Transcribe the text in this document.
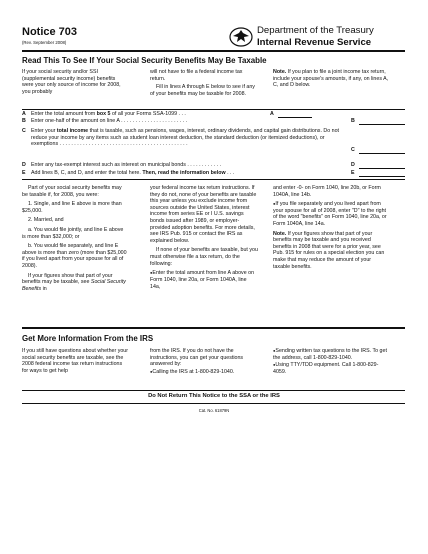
Notice 703
(Rev. September 2008)
Department of the Treasury
Internal Revenue Service
Read This To See If Your Social Security Benefits May Be Taxable

If your social security and/or SSI (supplemental security income) benefits were your only source of income for 2008, you probably

will not have to file a federal income tax return.

Fill in lines A through E below to see if any of your benefits may be taxable for 2008.

Note. If you plan to file a joint income tax return, include your spouse's amounts, if any, on lines A, C, and D below.

A Enter the total amount from box 5 of all your Forms SSA-1099 . . .	A
B Enter one-half of the amount on line A . . . . . . . . . . . . . . . . . . . . . . .	B
C Enter your total income that is taxable, such as pensions, wages, interest, ordinary dividends, and capital gain distributions. Do not reduce your income by any items such as student loan interest deduction, the standard deduction (or itemized deductions), or exemptions . . . . . . . . . . . . . . . . . . . . . . . . . . . . . . . . . . . . . . . . . . . .
C
D Enter any tax-exempt interest such as interest on municipal bonds . . . . . . . . . . . .	D
E Add lines B, C, and D, and enter the total here. Then, read the information below . . .	E

Part of your social security benefits may be taxable if, for 2008, you were:

1. Single, and line E above is more than $25,000.

2. Married, and

a. You would file jointly, and line E above is more than $32,000; or

b. You would file separately, and line E above is more than zero (more than $25,000 if you lived apart from your spouse for all of 2008).

If your figures show that part of your benefits may be taxable, see Social Security Benefits in

your federal income tax return instructions. If they do not, none of your benefits are taxable this year unless you exclude income from sources outside the United States, interest income from series EE or I U.S. savings bonds issued after 1989, or employer-provided adoption benefits. For more details, see IRS Pub. 915 or contact the IRS as explained below.

If none of your benefits are taxable, but you must otherwise file a tax return, do the following:

● Enter the total amount from line A above on Form 1040, line 20a, or Form 1040A, line 14a,

and enter -0- on Form 1040, line 20b, or Form 1040A, line 14b.

● If you file separately and you lived apart from your spouse for all of 2008, enter "D" to the right of the word "benefits" on Form 1040, line 20a, or Form 1040A, line 14a.

Note. If your figures show that part of your benefits may be taxable and you received benefits in 2008 that were for a prior year, see Pub. 915 for rules on a special election you can make that may reduce the amount of your taxable benefits.

Get More Information From the IRS

If you still have questions about whether your social security benefits are taxable, see the 2008 federal income tax return instructions for ways to get help

from the IRS. If you do not have the instructions, you can get your questions answered by:

● Calling the IRS at 1-800-829-1040.

● Sending written tax questions to the IRS. To get the address, call 1-800-829-1040.

● Using TTY/TDD equipment. Call 1-800-829-4059.

Do Not Return This Notice to the SSA or the IRS
Cat. No. 61879N
